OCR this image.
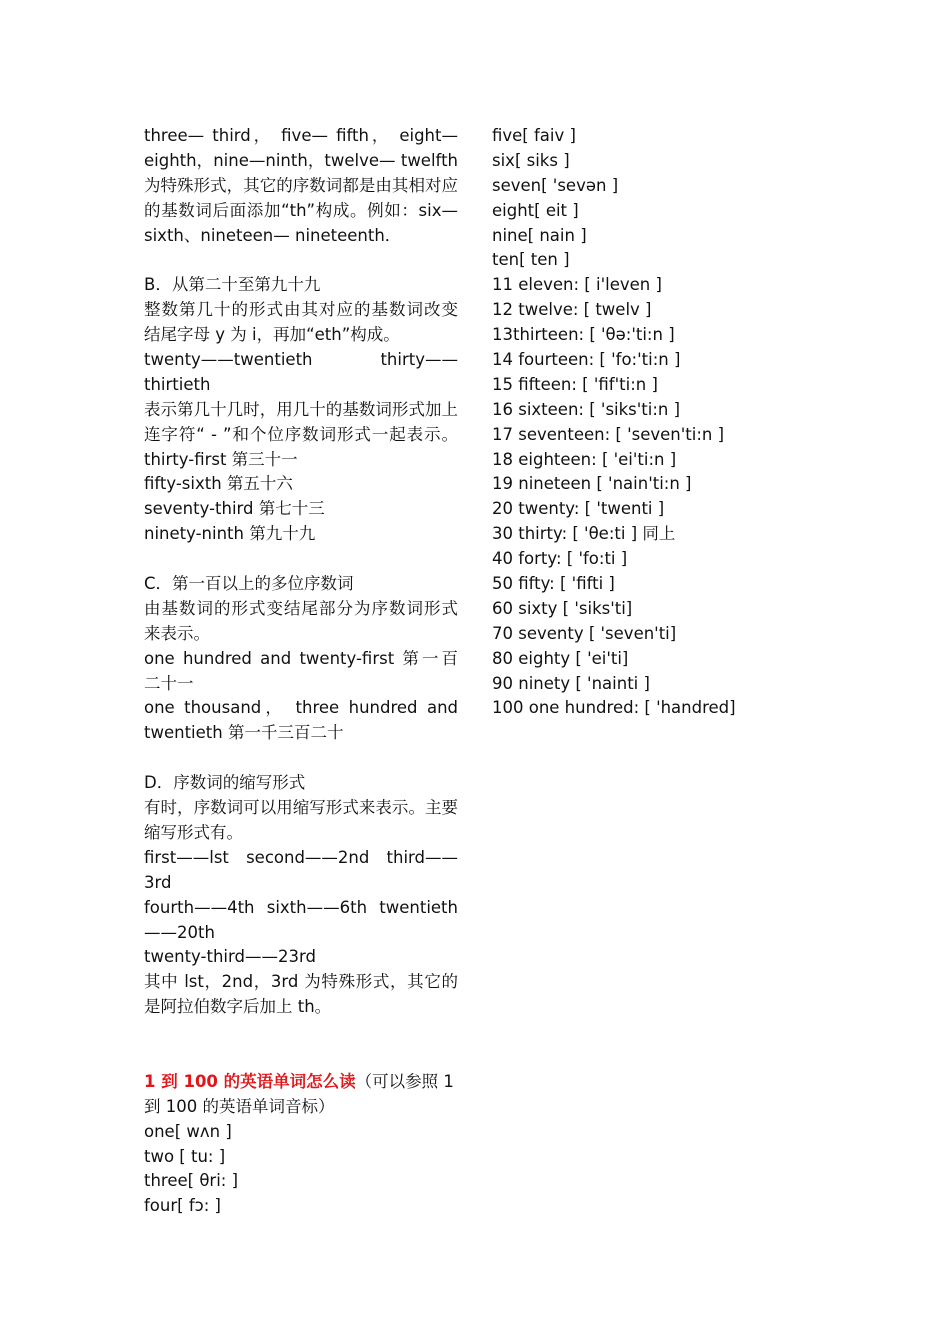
three— third， five— fifth， eight—
eighth，nine—ninth，twelve— twelfth
为特殊形式，其它的序数词都是由其相对应
的基数词后面添加“th”构成。例如：six—
sixth、nineteen— nineteenth．
B．从第二十至第九十九
整数第几十的形式由其对应的基数词改变
结尾字母 y 为 i，再加“eth”构成。
twenty——twentieth thirty——
thirtieth
表示第几十几时，用几十的基数词形式加上
连字符“ - ”和个位序数词形式一起表示。
thirty-first 第三十一
fifty-sixth 第五十六
seventy-third 第七十三
ninety-ninth 第九十九
C．第一百以上的多位序数词
由基数词的形式变结尾部分为序数词形式
来表示。
one hundred and twenty-first 第一百
二十一
one thousand， three hundred and
twentieth 第一千三百二十
D．序数词的缩写形式
有时，序数词可以用缩写形式来表示。主要
缩写形式有。
first——lst second——2nd third——
3rd
fourth——4th sixth——6th twentieth
——20th
twenty-third——23rd
其中 lst，2nd，3rd 为特殊形式，其它的
是阿拉伯数字后加上 th。
1 到 100 的英语单词怎么读（可以参照 1
到 100 的英语单词音标）
one[ wʌn ]
two [ tu: ]
three[ θri: ]
four[ fɔ: ]
five[ faiv ]
six[ siks ]
seven[ 'sevən ]
eight[ eit ]
nine[ nain ]
ten[ ten ]
11 eleven: [ i'leven ]
12 twelve: [ twelv ]
13thirteen: [ 'θə:'ti:n ]
14 fourteen: [ 'fo:'ti:n ]
15 fifteen: [ 'fif'ti:n ]
16 sixteen: [ 'siks'ti:n ]
17 seventeen: [ 'seven'ti:n ]
18 eighteen: [ 'ei'ti:n ]
19 nineteen [ 'nain'ti:n ]
20 twenty: [ 'twenti ]
30 thirty: [ 'θe:ti ] 同上
40 forty: [ 'fo:ti ]
50 fifty: [ 'fifti ]
60 sixty [ 'siks'ti]
70 seventy [ 'seven'ti]
80 eighty [ 'ei'ti]
90 ninety [ 'nainti ]
100 one hundred: [ 'handred]
